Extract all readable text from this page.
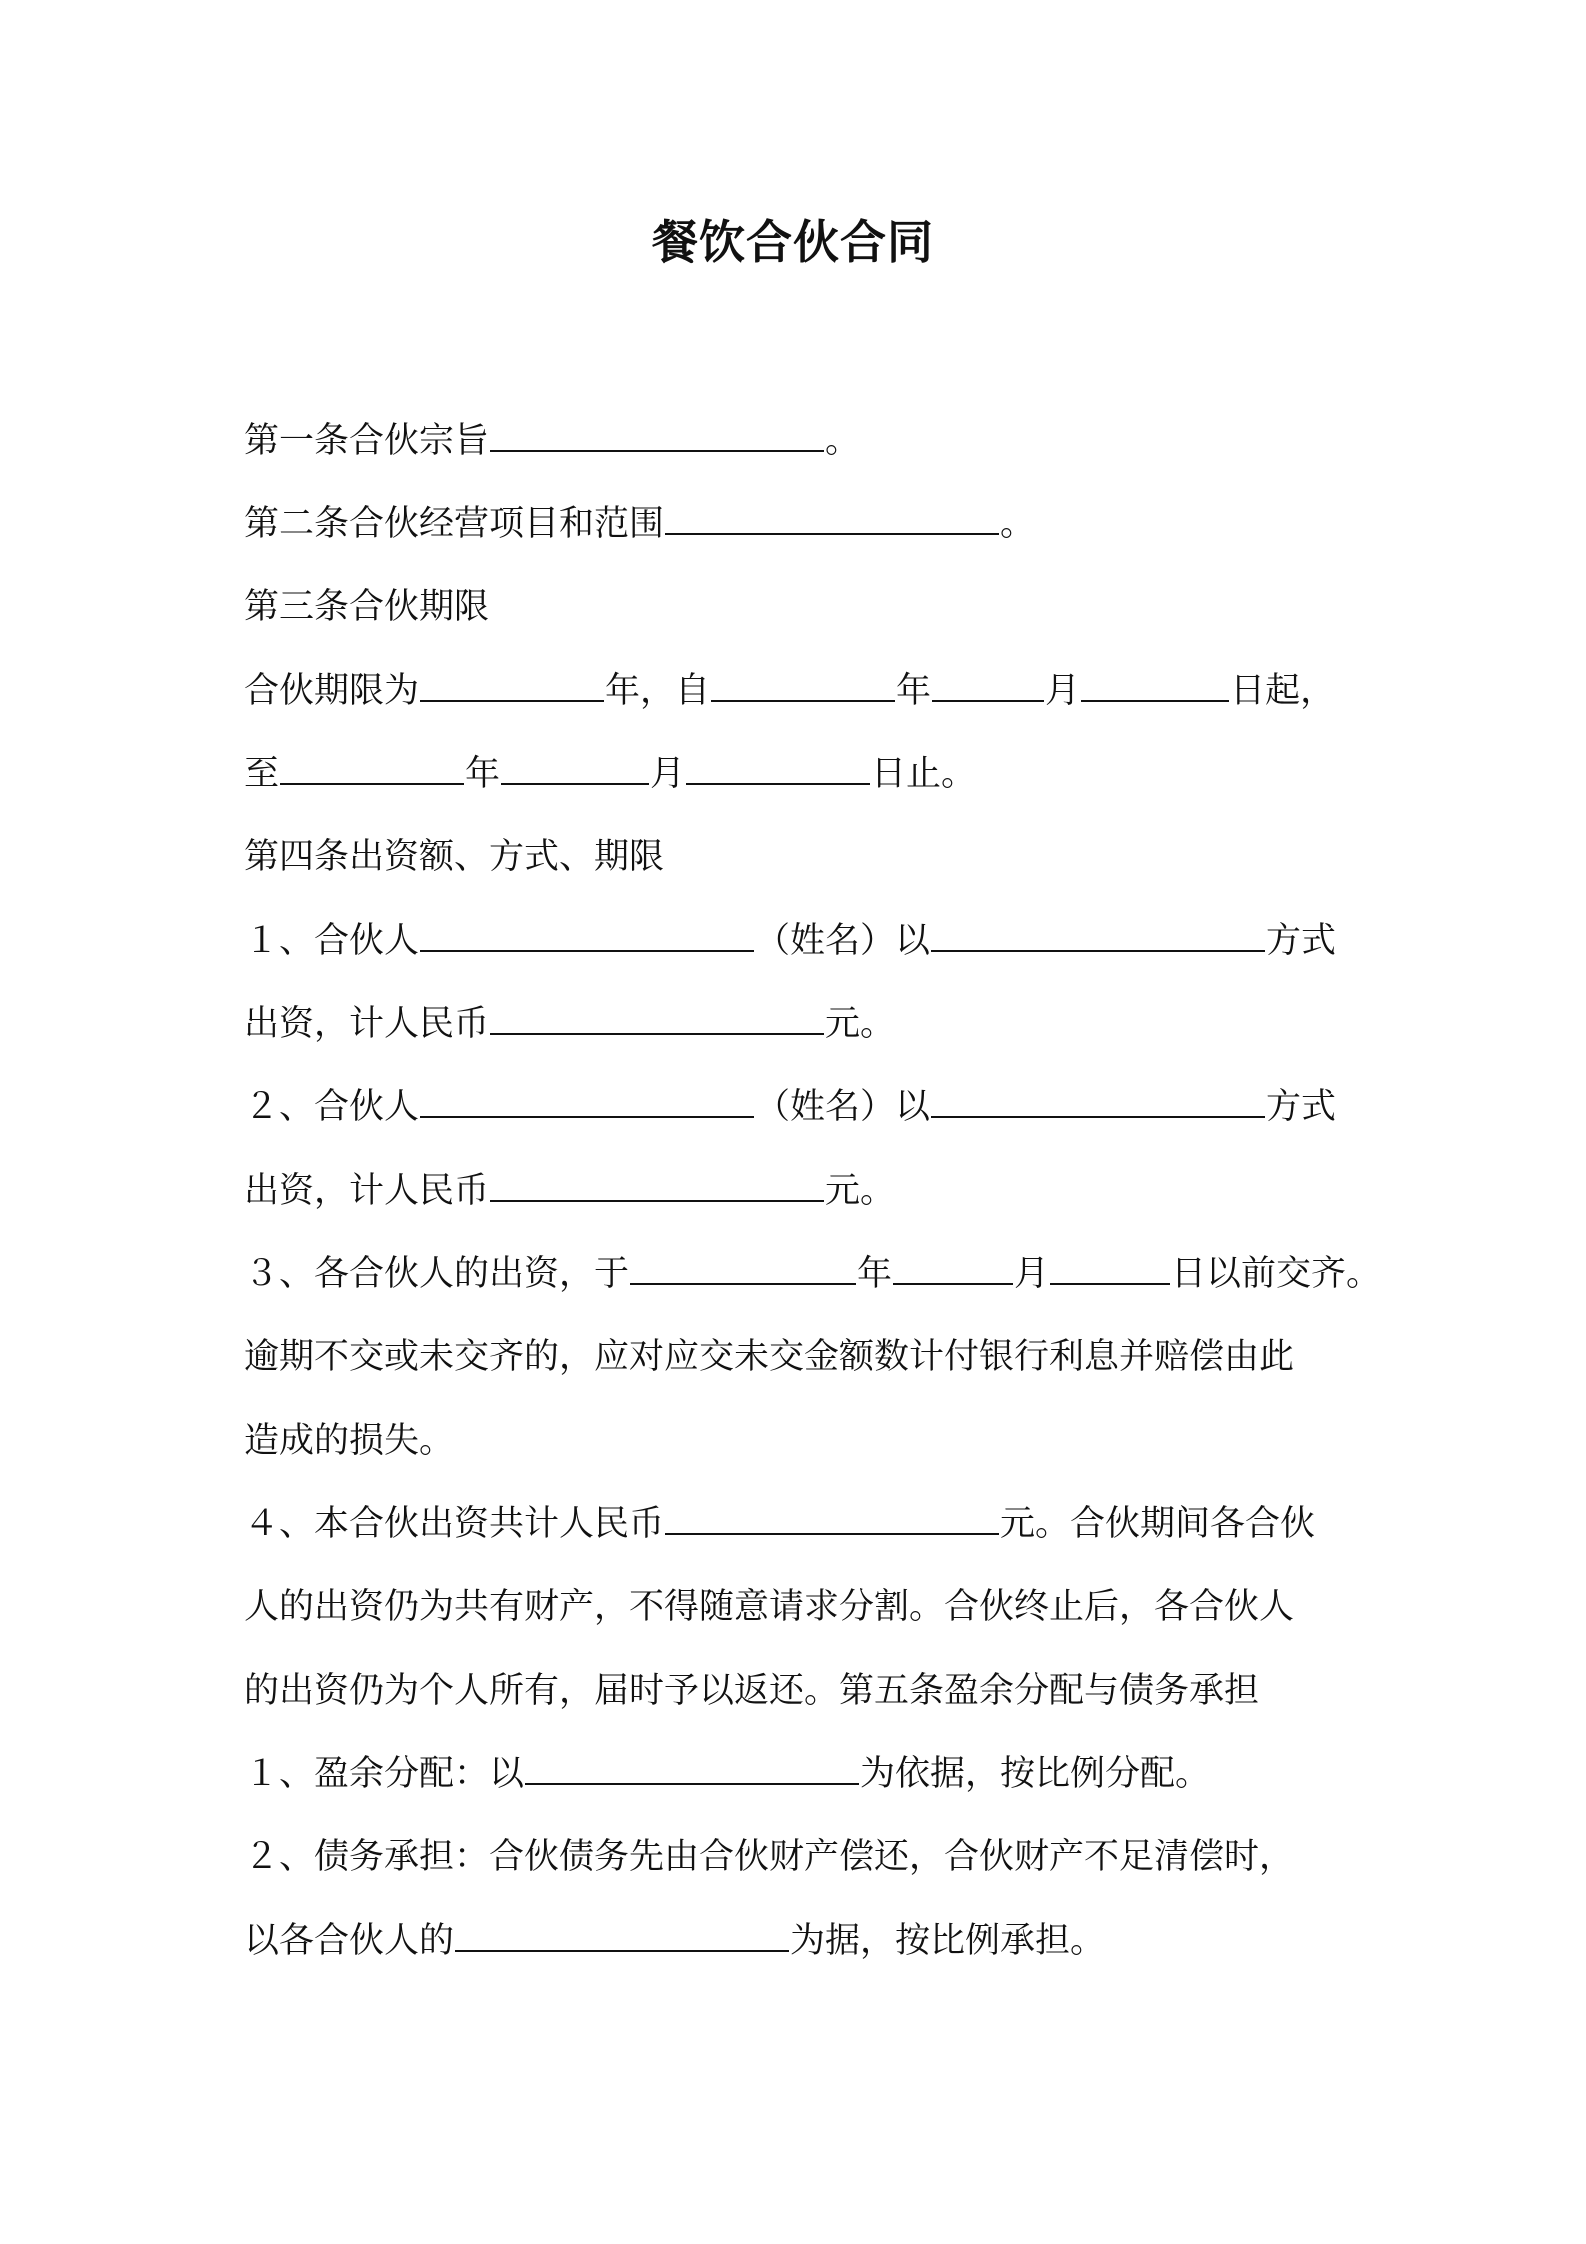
餐饮合伙合同
第一条合伙宗旨	。
第二条合伙经营项目和范围	。
第三条合伙期限
合伙期限为	年，自	年	月	日起，
至	年	月	日止。
第四条出资额、方式、期限
１、合伙人	（姓名）以	方式
出资，计人民币	元。
２、合伙人	（姓名）以	方式
出资，计人民币	元。
３、各合伙人的出资，于	年	月	日以前交齐。
逾期不交或未交齐的，应对应交未交金额数计付银行利息并赔偿由此
造成的损失。
４、本合伙出资共计人民币	元。合伙期间各合伙
人的出资仍为共有财产，不得随意请求分割。合伙终止后，各合伙人
的出资仍为个人所有，届时予以返还。第五条盈余分配与债务承担
１、盈余分配：以	为依据，按比例分配。
２、债务承担：合伙债务先由合伙财产偿还，合伙财产不足清偿时，
以各合伙人的	为据，按比例承担。
